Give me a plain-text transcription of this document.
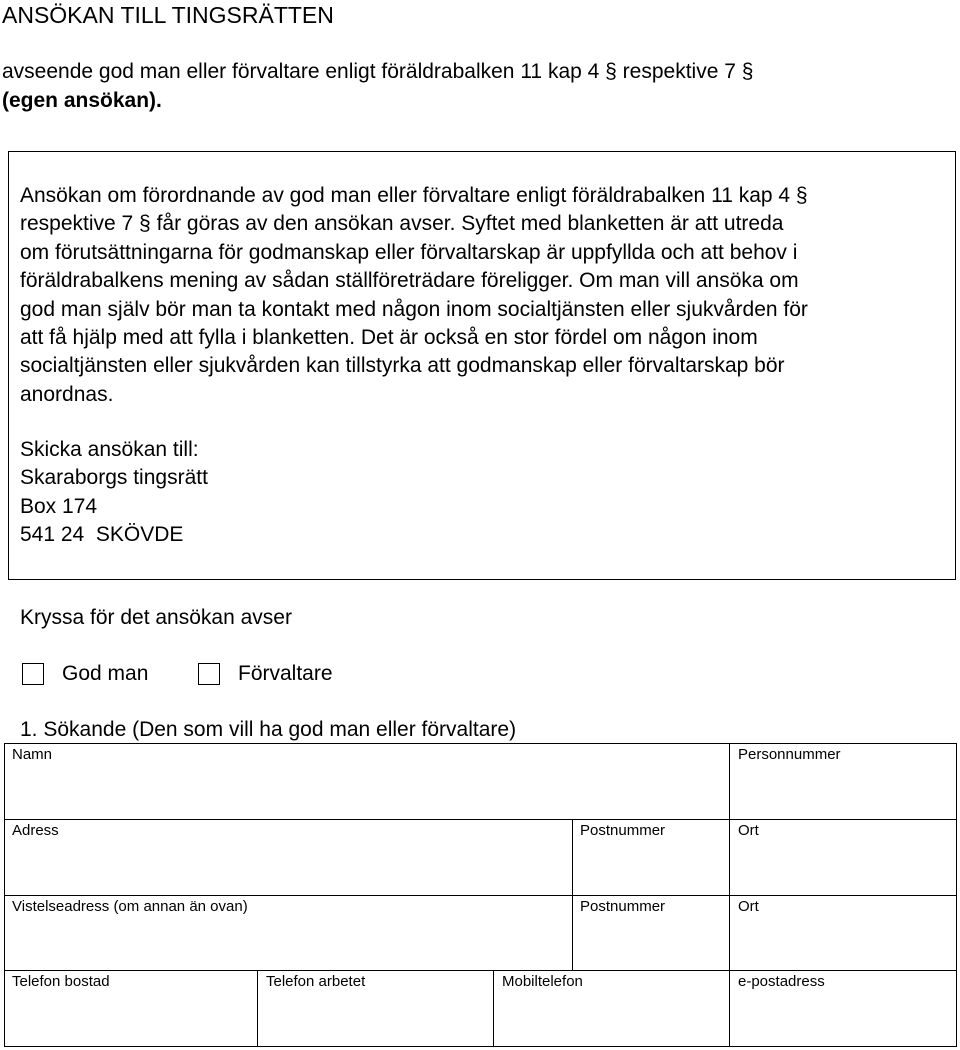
ANSÖKAN TILL TINGSRÄTTEN
avseende god man eller förvaltare enligt föräldrabalken 11 kap 4 § respektive 7 §
(egen ansökan).
Ansökan om förordnande av god man eller förvaltare enligt föräldrabalken 11 kap 4 §
respektive 7 § får göras av den ansökan avser. Syftet med blanketten är att utreda
om förutsättningarna för godmanskap eller förvaltarskap är uppfyllda och att behov i
föräldrabalkens mening av sådan ställföreträdare föreligger. Om man vill ansöka om
god man själv bör man ta kontakt med någon inom socialtjänsten eller sjukvården för
att få hjälp med att fylla i blanketten. Det är också en stor fördel om någon inom
socialtjänsten eller sjukvården kan tillstyrka att godmanskap eller förvaltarskap bör
anordnas.
Skicka ansökan till:
Skaraborgs tingsrätt
Box 174
541 24  SKÖVDE
Kryssa för det ansökan avser
God man	Förvaltare
1. Sökande (Den som vill ha god man eller förvaltare)
Namn	Personnummer
Adress	Postnummer	Ort
Vistelseadress (om annan än ovan)	Postnummer	Ort
Telefon bostad	Telefon arbetet	Mobiltelefon	e-postadress
